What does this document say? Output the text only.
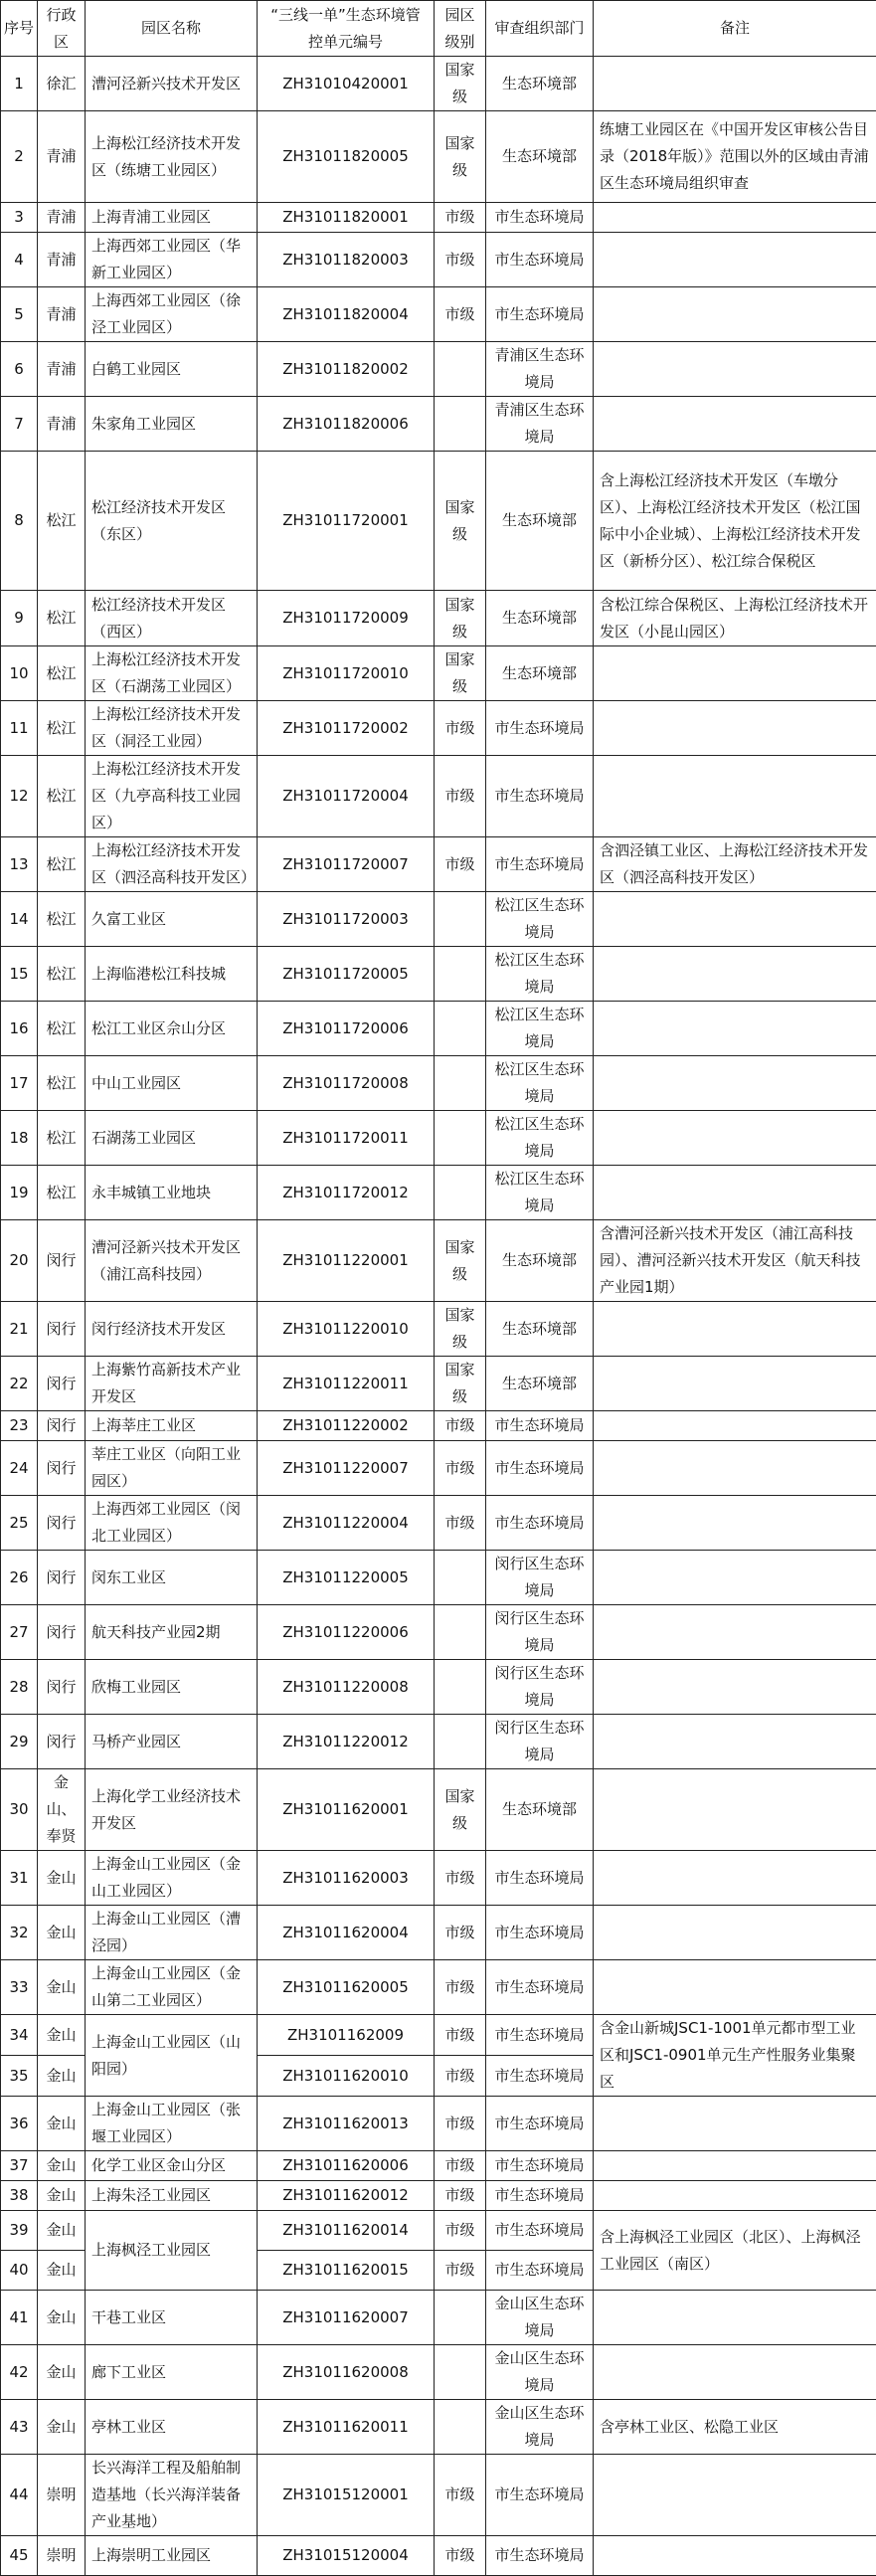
序号	行政区	园区名称	“三线一单”生态环境管控单元编号	园区级别	审查组织部门	备注
1	徐汇	漕河泾新兴技术开发区	ZH31010420001	国家级	生态环境部	
2	青浦	上海松江经济技术开发区（练塘工业园区）	ZH31011820005	国家级	生态环境部	练塘工业园区在《中国开发区审核公告目录（2018年版）》范围以外的区域由青浦区生态环境局组织审查
3	青浦	上海青浦工业园区	ZH31011820001	市级	市生态环境局	
4	青浦	上海西郊工业园区（华新工业园区）	ZH31011820003	市级	市生态环境局	
5	青浦	上海西郊工业园区（徐泾工业园区）	ZH31011820004	市级	市生态环境局	
6	青浦	白鹤工业园区	ZH31011820002		青浦区生态环境局	
7	青浦	朱家角工业园区	ZH31011820006		青浦区生态环境局	
8	松江	松江经济技术开发区（东区）	ZH31011720001	国家级	生态环境部	含上海松江经济技术开发区（车墩分区）、上海松江经济技术开发区（松江国际中小企业城）、上海松江经济技术开发区（新桥分区）、松江综合保税区
9	松江	松江经济技术开发区（西区）	ZH31011720009	国家级	生态环境部	含松江综合保税区、上海松江经济技术开发区（小昆山园区）
10	松江	上海松江经济技术开发区（石湖荡工业园区）	ZH31011720010	国家级	生态环境部	
11	松江	上海松江经济技术开发区（洞泾工业园）	ZH31011720002	市级	市生态环境局	
12	松江	上海松江经济技术开发区（九亭高科技工业园区）	ZH31011720004	市级	市生态环境局	
13	松江	上海松江经济技术开发区（泗泾高科技开发区）	ZH31011720007	市级	市生态环境局	含泗泾镇工业区、上海松江经济技术开发区（泗泾高科技开发区）
14	松江	久富工业区	ZH31011720003		松江区生态环境局	
15	松江	上海临港松江科技城	ZH31011720005		松江区生态环境局	
16	松江	松江工业区佘山分区	ZH31011720006		松江区生态环境局	
17	松江	中山工业园区	ZH31011720008		松江区生态环境局	
18	松江	石湖荡工业园区	ZH31011720011		松江区生态环境局	
19	松江	永丰城镇工业地块	ZH31011720012		松江区生态环境局	
20	闵行	漕河泾新兴技术开发区（浦江高科技园）	ZH31011220001	国家级	生态环境部	含漕河泾新兴技术开发区（浦江高科技园）、漕河泾新兴技术开发区（航天科技产业园1期）
21	闵行	闵行经济技术开发区	ZH31011220010	国家级	生态环境部	
22	闵行	上海紫竹高新技术产业开发区	ZH31011220011	国家级	生态环境部	
23	闵行	上海莘庄工业区	ZH31011220002	市级	市生态环境局	
24	闵行	莘庄工业区（向阳工业园区）	ZH31011220007	市级	市生态环境局	
25	闵行	上海西郊工业园区（闵北工业园区）	ZH31011220004	市级	市生态环境局	
26	闵行	闵东工业区	ZH31011220005		闵行区生态环境局	
27	闵行	航天科技产业园2期	ZH31011220006		闵行区生态环境局	
28	闵行	欣梅工业园区	ZH31011220008		闵行区生态环境局	
29	闵行	马桥产业园区	ZH31011220012		闵行区生态环境局	
30	金山、奉贤	上海化学工业经济技术开发区	ZH31011620001	国家级	生态环境部	
31	金山	上海金山工业园区（金山工业园区）	ZH31011620003	市级	市生态环境局	
32	金山	上海金山工业园区（漕泾园）	ZH31011620004	市级	市生态环境局	
33	金山	上海金山工业园区（金山第二工业园区）	ZH31011620005	市级	市生态环境局	
34	金山	上海金山工业园区（山阳园）	ZH3101162009	市级	市生态环境局	含金山新城JSC1-1001单元都市型工业区和JSC1-0901单元生产性服务业集聚区
35	金山		ZH31011620010	市级	市生态环境局	
36	金山	上海金山工业园区（张堰工业园区）	ZH31011620013	市级	市生态环境局	
37	金山	化学工业区金山分区	ZH31011620006	市级	市生态环境局	
38	金山	上海朱泾工业园区	ZH31011620012	市级	市生态环境局	
39	金山	上海枫泾工业园区	ZH31011620014	市级	市生态环境局	含上海枫泾工业园区（北区）、上海枫泾工业园区（南区）
40	金山		ZH31011620015	市级	市生态环境局	
41	金山	干巷工业区	ZH31011620007		金山区生态环境局	
42	金山	廊下工业区	ZH31011620008		金山区生态环境局	
43	金山	亭林工业区	ZH31011620011		金山区生态环境局	含亭林工业区、松隐工业区
44	崇明	长兴海洋工程及船舶制造基地（长兴海洋装备产业基地）	ZH31015120001	市级	市生态环境局	
45	崇明	上海崇明工业园区	ZH31015120004	市级	市生态环境局	
